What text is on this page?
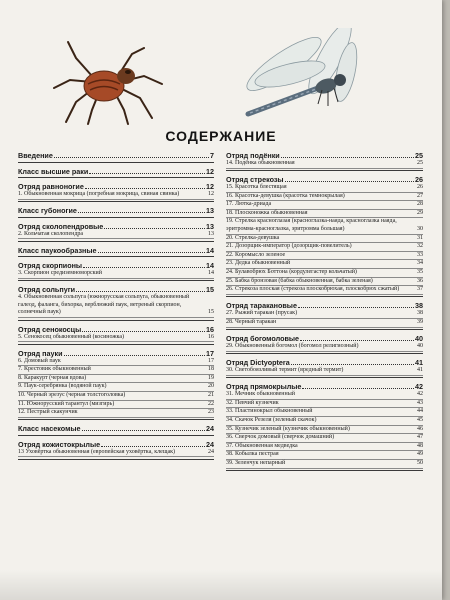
СОДЕРЖАНИЕ
Введение	7
Класс высшие раки	12
Отряд равноногие	12
1. Обыкновенная мокрица (погребная мокрица, свиная свинка)	12
Класс губоногие	13
Отряд сколопендровые	13
2. Кольчатая сколопендра	13
Класс паукообразные	14
Отряд скорпионы	14
3. Скорпион средиземноморский	14
Отряд сольпуги	15
4. Обыкновенная сольпуга (южнорусская сольпуга, обыкновенный галеод, фаланга, бихорка, верблюжий паук, ветреный скорпион, солнечный паук)	15
Отряд сенокосцы	16
5. Сенокосец обыкновенный (косиножка)	16
Отряд пауки	17
6. Домовый паук	17
7. Крестовик обыкновенный	18
8. Каракурт (черная вдова)	19
9. Паук-серебрянка (водяной паук)	20
10. Черный эрезус (черная толстоголовка)	21
11. Южнорусский тарантул (мизгирь)	22
12. Пестрый скакунчик	23
Класс насекомые	24
Отряд кожистокрылые	24
13 Уховёртка обыкновенная (европейская уховёртка, клещак)	24
Отряд подёнки	25
14. Подёнка обыкновенная	25
Отряд стрекозы	26
15. Красотка блестящая	26
16. Красотка-девушка (красотка темнокрылая)	27
17. Лютка-дриада	28
18. Плосконожка обыкновенная	29
19. Стрелка красноглазая (красноглазка-наяда, красноглазка наяда, эритромма-красноглазка, эритромма большая)	30
20. Стрелка-девушка	31
21. Дозорщик-император (дозорщик-повелитель)	32
22. Коромысло зеленое	33
23. Дедка обыкновенный	34
24. Булавобрюх Боттона (кордулегастер кольчатый)	35
25. Бабка бронзовая (бабка обыкновенная, бабка зеленая)	36
26. Стрекоза плоская (стрекоза плоскобрюхая, плоскобрюх сжатый)	37
Отряд таракановые	38
27. Рыжий таракан (прусак)	38
28. Черный таракан	39
Отряд богомоловые	40
29. Обыкновенный богомол (богомол религиозный)	40
Отряд Dictyoptera	41
30. Светобоязливый термит (вредный термит)	41
Отряд прямокрылые	42
31. Мечник обыкновенный	42
32. Певчий кузнечик	43
33. Пластинокрыл обыкновенный	44
34. Скачок Резеля (зеленый скачок)	45
35. Кузнечик зеленый (кузнечик обыкновенный)	46
36. Сверчок домовый (сверчок домашний)	47
37. Обыкновенная медведка	48
38. Кобылка пестрая	49
39. Зеленчук непарный	50
